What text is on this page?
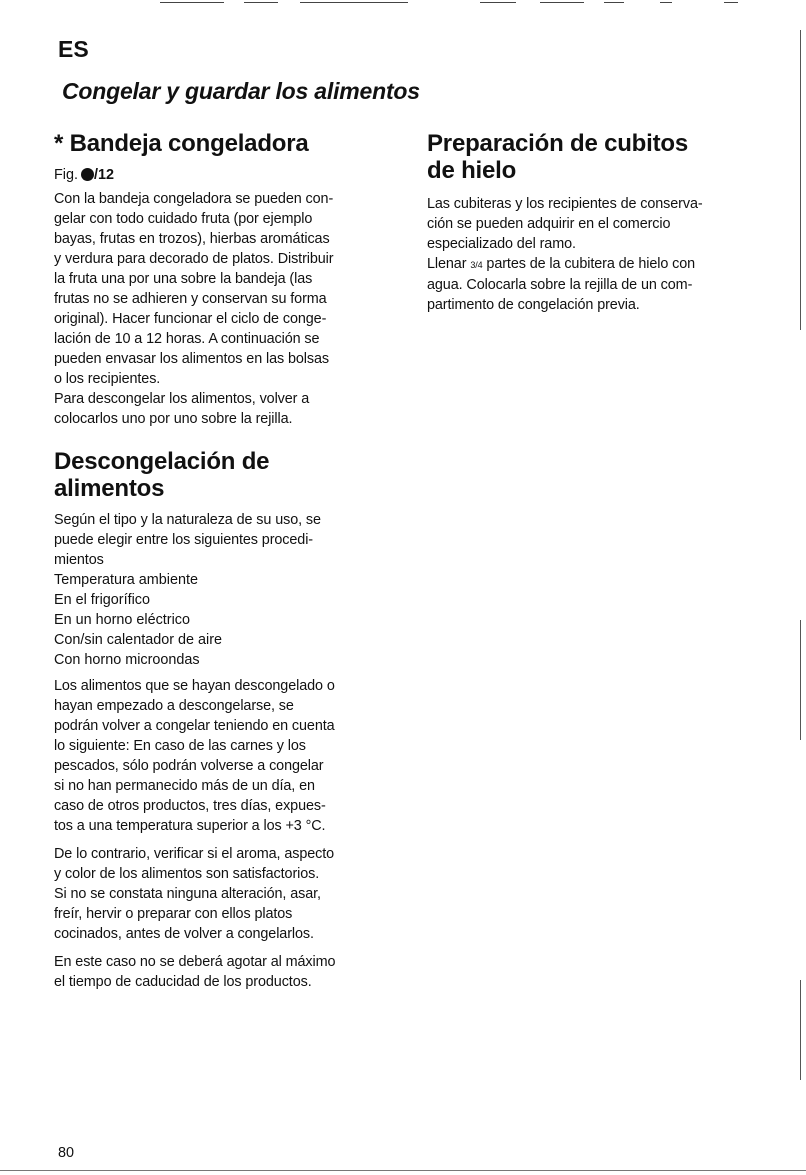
ES
Congelar y guardar los alimentos
* Bandeja congeladora

Fig. /12

Con la bandeja congeladora se pueden con-
gelar con todo cuidado fruta (por ejemplo
bayas, frutas en trozos), hierbas aromáticas
y verdura para decorado de platos. Distribuir
la fruta una por una sobre la bandeja (las
frutas no se adhieren y conservan su forma
original). Hacer funcionar el ciclo de conge-
lación de 10 a 12 horas. A continuación se
pueden envasar los alimentos en las bolsas
o los recipientes.
Para descongelar los alimentos, volver a
colocarlos uno por uno sobre la rejilla.

Descongelación de
alimentos

Según el tipo y la naturaleza de su uso, se
puede elegir entre los siguientes procedi-
mientos

Temperatura ambiente
En el frigorífico
En un horno eléctrico
Con/sin calentador de aire
Con horno microondas

Los alimentos que se hayan descongelado o
hayan empezado a descongelarse, se
podrán volver a congelar teniendo en cuenta
lo siguiente: En caso de las carnes y los
pescados, sólo podrán volverse a congelar
si no han permanecido más de un día, en
caso de otros productos, tres días, expues-
tos a una temperatura superior a los +3 °C.

De lo contrario, verificar si el aroma, aspecto
y color de los alimentos son satisfactorios.
Si no se constata ninguna alteración, asar,
freír, hervir o preparar con ellos platos
cocinados, antes de volver a congelarlos.

En este caso no se deberá agotar al máximo
el tiempo de caducidad de los productos.

Preparación de cubitos
de hielo

Las cubiteras y los recipientes de conserva-
ción se pueden adquirir en el comercio
especializado del ramo.
Llenar 3/4 partes de la cubitera de hielo con
agua. Colocarla sobre la rejilla de un com-
partimento de congelación previa.

80
